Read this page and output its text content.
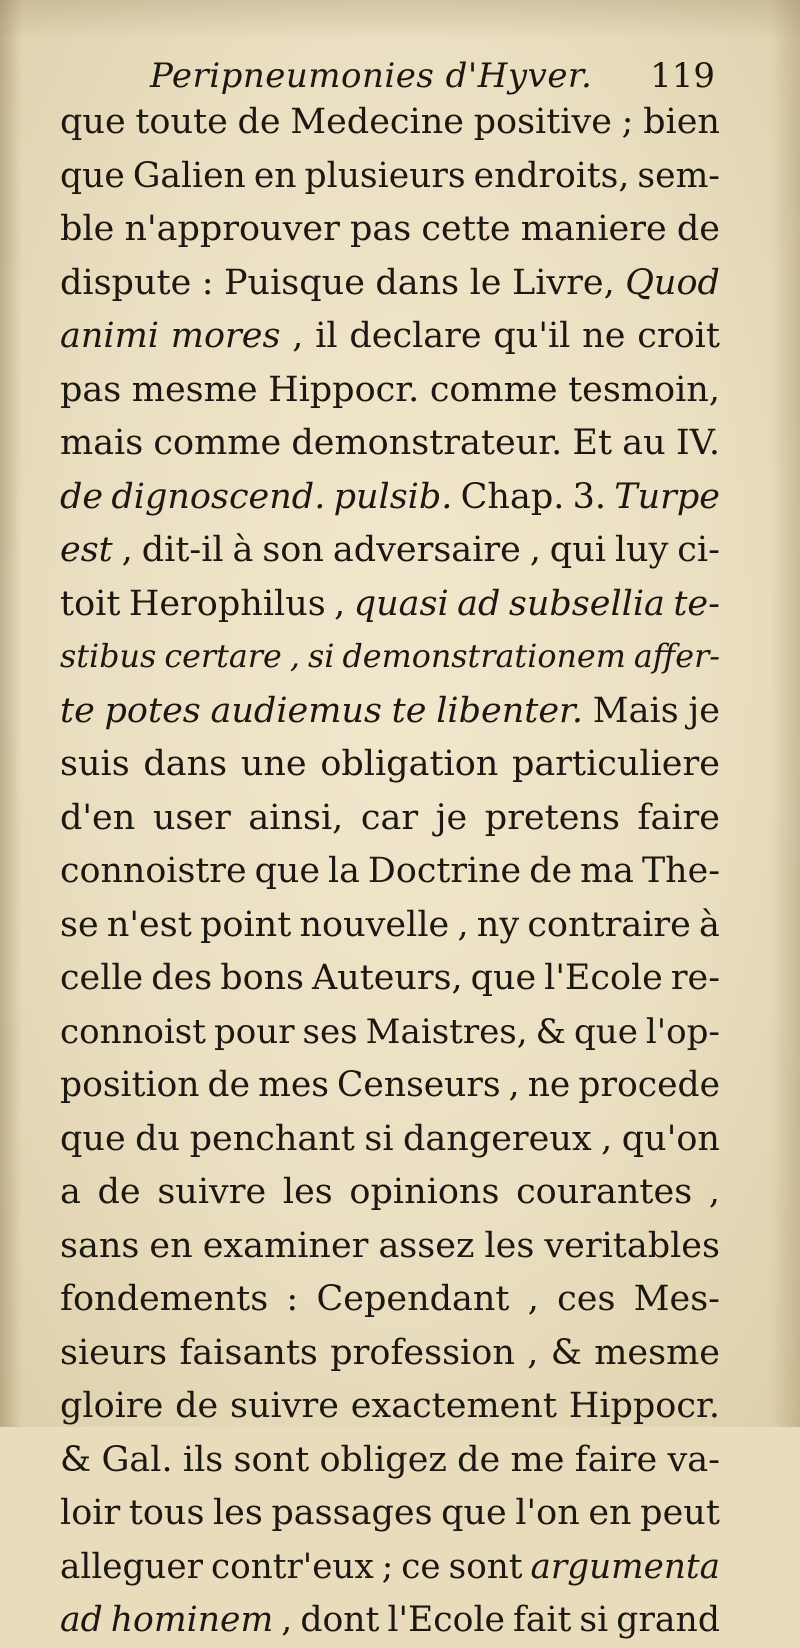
Peripneumonies d'Hyver. 119
que toute de Medecine positive ; bien
que Galien en plusieurs endroits, sem-
ble n'approuver pas cette maniere de
dispute : Puisque dans le Livre, Quod
animi mores , il declare qu'il ne croit
pas mesme Hippocr. comme tesmoin,
mais comme demonstrateur. Et au IV.
de dignoscend. pulsib. Chap. 3. Turpe
est , dit-il à son adversaire , qui luy ci-
toit Herophilus , quasi ad subsellia te-
stibus certare , si demonstrationem affer-
te potes audiemus te libenter. Mais je
suis dans une obligation particuliere
d'en user ainsi, car je pretens faire
connoistre que la Doctrine de ma The-
se n'est point nouvelle , ny contraire à
celle des bons Auteurs, que l'Ecole re-
connoist pour ses Maistres, & que l'op-
position de mes Censeurs , ne procede
que du penchant si dangereux , qu'on
a de suivre les opinions courantes ,
sans en examiner assez les veritables
fondements : Cependant , ces Mes-
sieurs faisants profession , & mesme
gloire de suivre exactement Hippocr.
& Gal. ils sont obligez de me faire va-
loir tous les passages que l'on en peut
alleguer contr'eux ; ce sont argumenta
ad hominem , dont l'Ecole fait si grand
